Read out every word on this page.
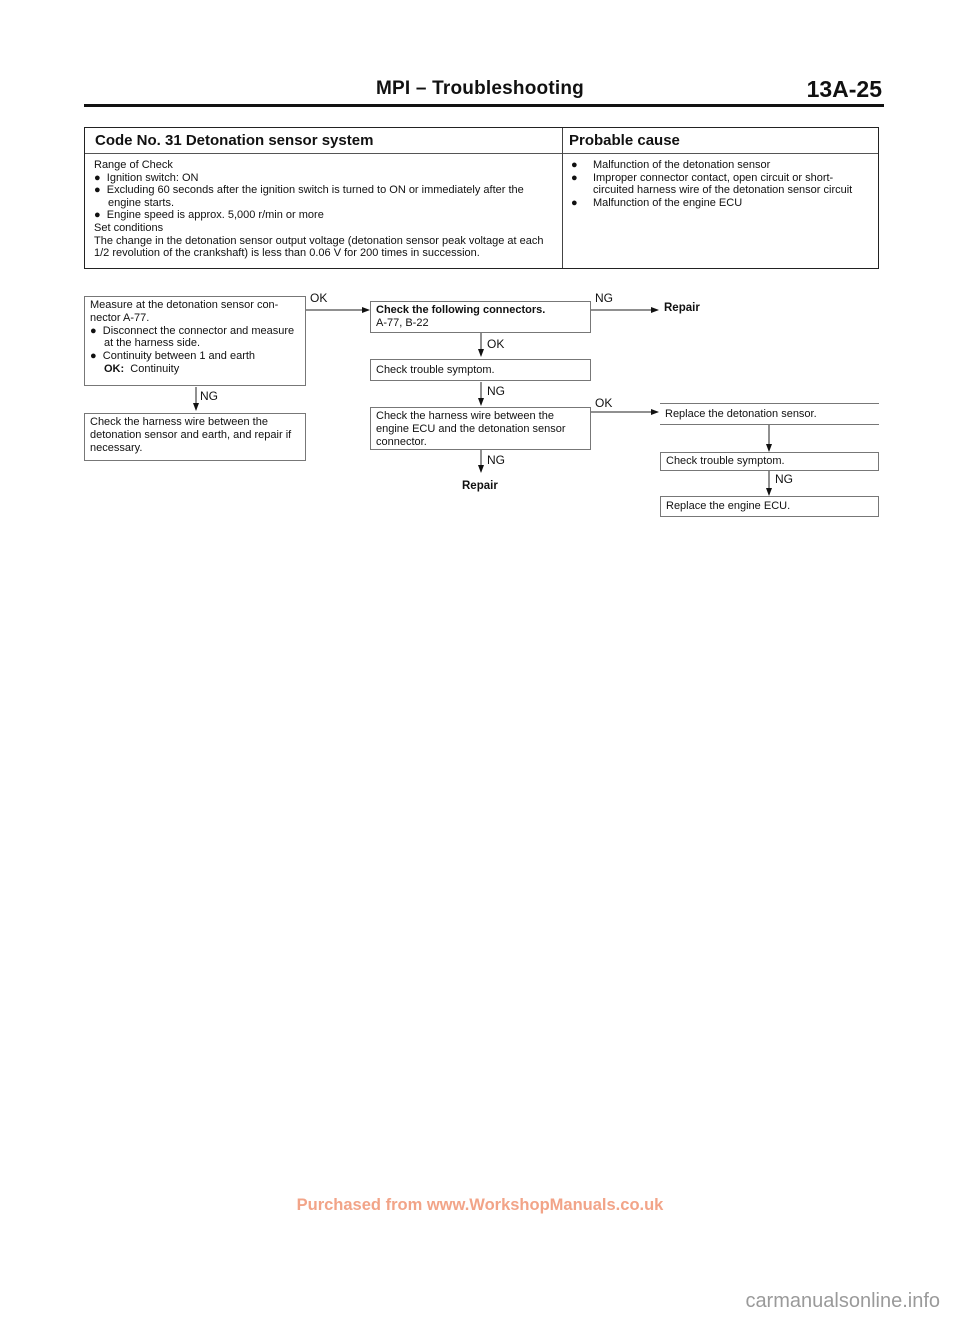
MPI – Troubleshooting	13A-25
Code No. 31 Detonation sensor system	Probable cause
Range of Check
●  Ignition switch: ON
●  Excluding 60 seconds after the ignition switch is turned to ON or immediately after the engine starts.
●  Engine speed is approx. 5,000 r/min or more
Set conditions
The change in the detonation sensor output voltage (detonation sensor peak voltage at each 1/2 revolution of the crankshaft) is less than 0.06 V for 200 times in succession.
●     Malfunction of the detonation sensor
●     Improper connector contact, open circuit or short-circuited harness wire of the detonation sensor circuit
●     Malfunction of the engine ECU
OK	NG
OK
NG
OK
NG
NG
NG
Measure at the detonation sensor con-nector A-77.
●  Disconnect the connector and measure at the harness side.
●  Continuity between 1 and earth
OK: Continuity
Check the harness wire between the detonation sensor and earth, and repair if necessary.
Check the following connectors.
A-77, B-22
Repair
Check trouble symptom.
Check the harness wire between the engine ECU and the detonation sensor connector.
Repair
Replace the detonation sensor.
Check trouble symptom.
Replace the engine ECU.
Purchased from www.WorkshopManuals.co.uk
carmanualsonline.info
